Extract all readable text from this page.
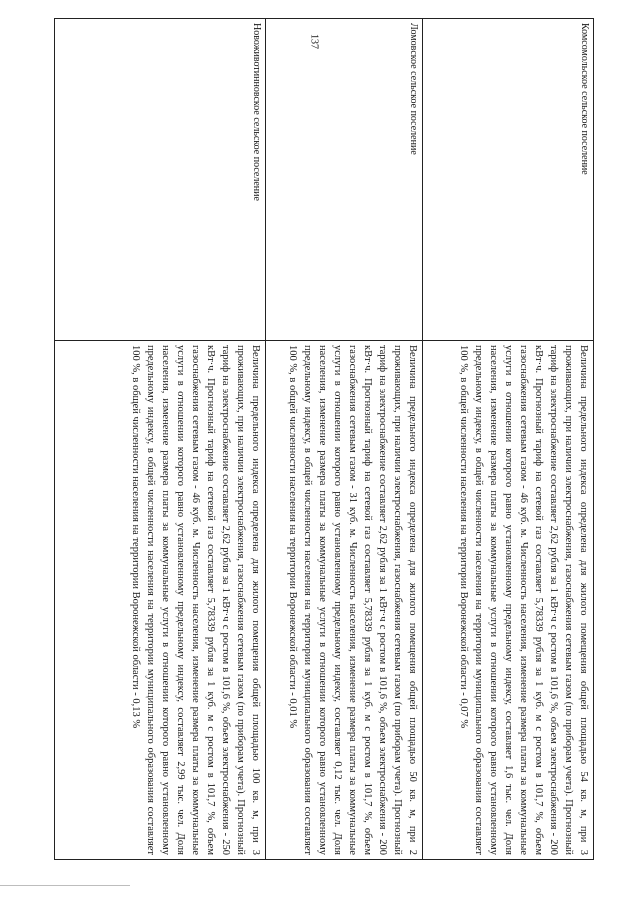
137	Комсомольское сельское поселение
Величина предельного индекса определена для жилого помещения общей площадью 54 кв. м, при 3 проживающих, при наличии электроснабжения, газоснабжения сетевым газом (по приборам учета). Прогнозный тариф на электроснабжение составляет 2,62 рубля за 1 кВт·ч с ростом в 101,6 %, объем электроснабжения - 200 кВт·ч. Прогнозный тариф на сетевой газ составляет 5,78339 рубля за 1 куб. м с ростом в 101,7 %, объем газоснабжения сетевым газом - 46 куб. м. Численность населения, изменение размера платы за коммунальные услуги в отношении которого равно установленному предельному индексу, составляет 1,6 тыс. чел. Доля населения, изменение размера платы за коммунальные услуги в отношении которого равно установленному предельному индексу, в общей численности населения на территории муниципального образования составляет 100 %, в общей численности населения на территории Воронежской области - 0,07 %
Ломовское сельское поселение
Величина предельного индекса определена для жилого помещения общей площадью 50 кв. м, при 2 проживающих, при наличии электроснабжения, газоснабжения сетевым газом (по приборам учета). Прогнозный тариф на электроснабжение составляет 2,62 рубля за 1 кВт·ч с ростом в 101,6 %, объем электроснабжения - 200 кВт·ч. Прогнозный тариф на сетевой газ составляет 5,78339 рубля за 1 куб. м с ростом в 101,7 %, объем газоснабжения сетевым газом - 31 куб. м. Численность населения, изменение размера платы за коммунальные услуги в отношении которого равно установленному предельному индексу, составляет 0,12 тыс. чел. Доля населения, изменение размера платы за коммунальные услуги в отношении которого равно установленному предельному индексу, в общей численности населения на территории муниципального образования составляет 100 %, в общей численности населения на территории Воронежской области - 0,01 %
Новоживотинновское сельское поселение
Величина предельного индекса определена для жилого помещения общей площадью 100 кв. м, при 3 проживающих, при наличии электроснабжения, газоснабжения сетевым газом (по приборам учета). Прогнозный тариф на электроснабжение составляет 2,62 рубля за 1 кВт·ч с ростом в 101,6 %, объем электроснабжения - 250 кВт·ч. Прогнозный тариф на сетевой газ составляет 5,78339 рубля за 1 куб. м с ростом в 101,7 %, объем газоснабжения сетевым газом - 46 куб. м. Численность населения, изменение размера платы за коммунальные услуги в отношении которого равно установленному предельному индексу, составляет 2,99 тыс. чел. Доля населения, изменение размера платы за коммунальные услуги в отношении которого равно установленному предельному индексу, в общей численности населения на территории муниципального образования составляет 100 %, в общей численности населения на территории Воронежской области - 0,13 %
